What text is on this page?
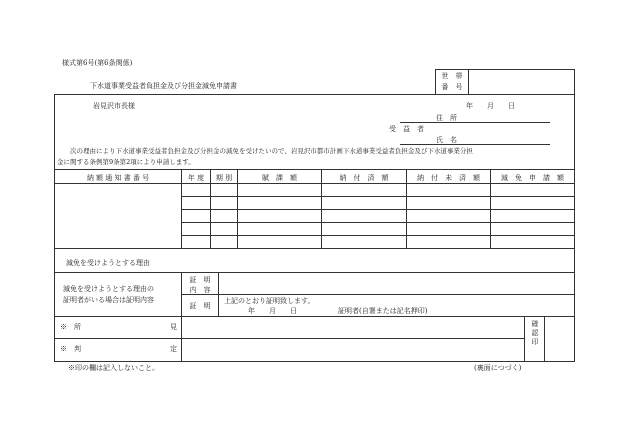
様式第6号(第6条関係)
下水道事業受益者負担金及び分担金減免申請書
世　帯
番　号
岩見沢市長様	年　　月　　日
住　所
受　益　者
氏　名
次の理由により下水道事業受益者負担金及び分担金の減免を受けたいので、岩見沢市都市計画下水道事業受益者負担金及び下水道事業分担
金に関する条例第9条第2項により申請します。
納 額 通 知 書 番 号	年 度	期 別	賦　課　額	納　付　済　額	納　付　未　済　額	減　免　申　請　額
減免を受けようとする理由
減免を受けようとする理由の
証明者がいる場合は証明内容
証　明
内　容
証　明
上記のとおり証明致します。
年　　月　　日	証明者(自署または記名押印)
※　所	見
※　判	定
確認印
※印の欄は記入しないこと。	(裏面につづく)
